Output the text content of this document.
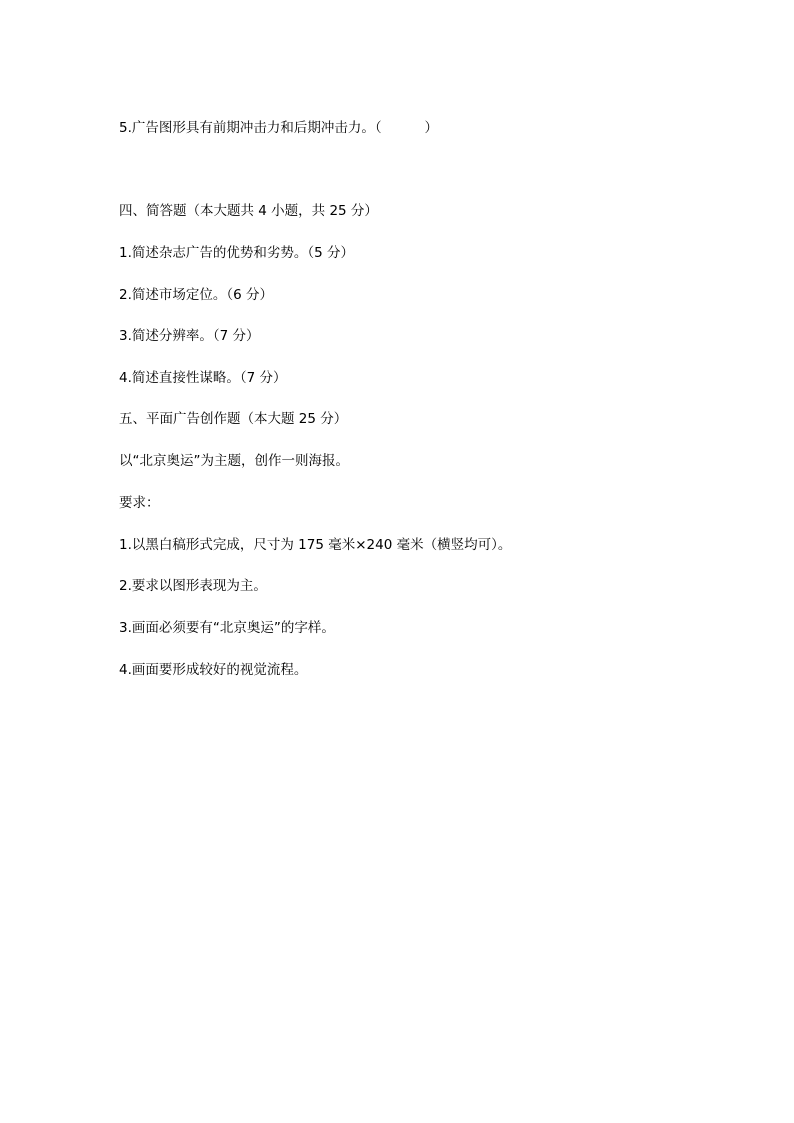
5.广告图形具有前期冲击力和后期冲击力。（          ）
四、简答题（本大题共 4 小题，共 25 分）
1.简述杂志广告的优势和劣势。（5 分）
2.简述市场定位。（6 分）
3.简述分辨率。（7 分）
4.简述直接性谋略。（7 分）
五、平面广告创作题（本大题 25 分）
以“北京奥运”为主题，创作一则海报。
要求：
1.以黑白稿形式完成，尺寸为 175 毫米×240 毫米（横竖均可）。
2.要求以图形表现为主。
3.画面必须要有“北京奥运”的字样。
4.画面要形成较好的视觉流程。
